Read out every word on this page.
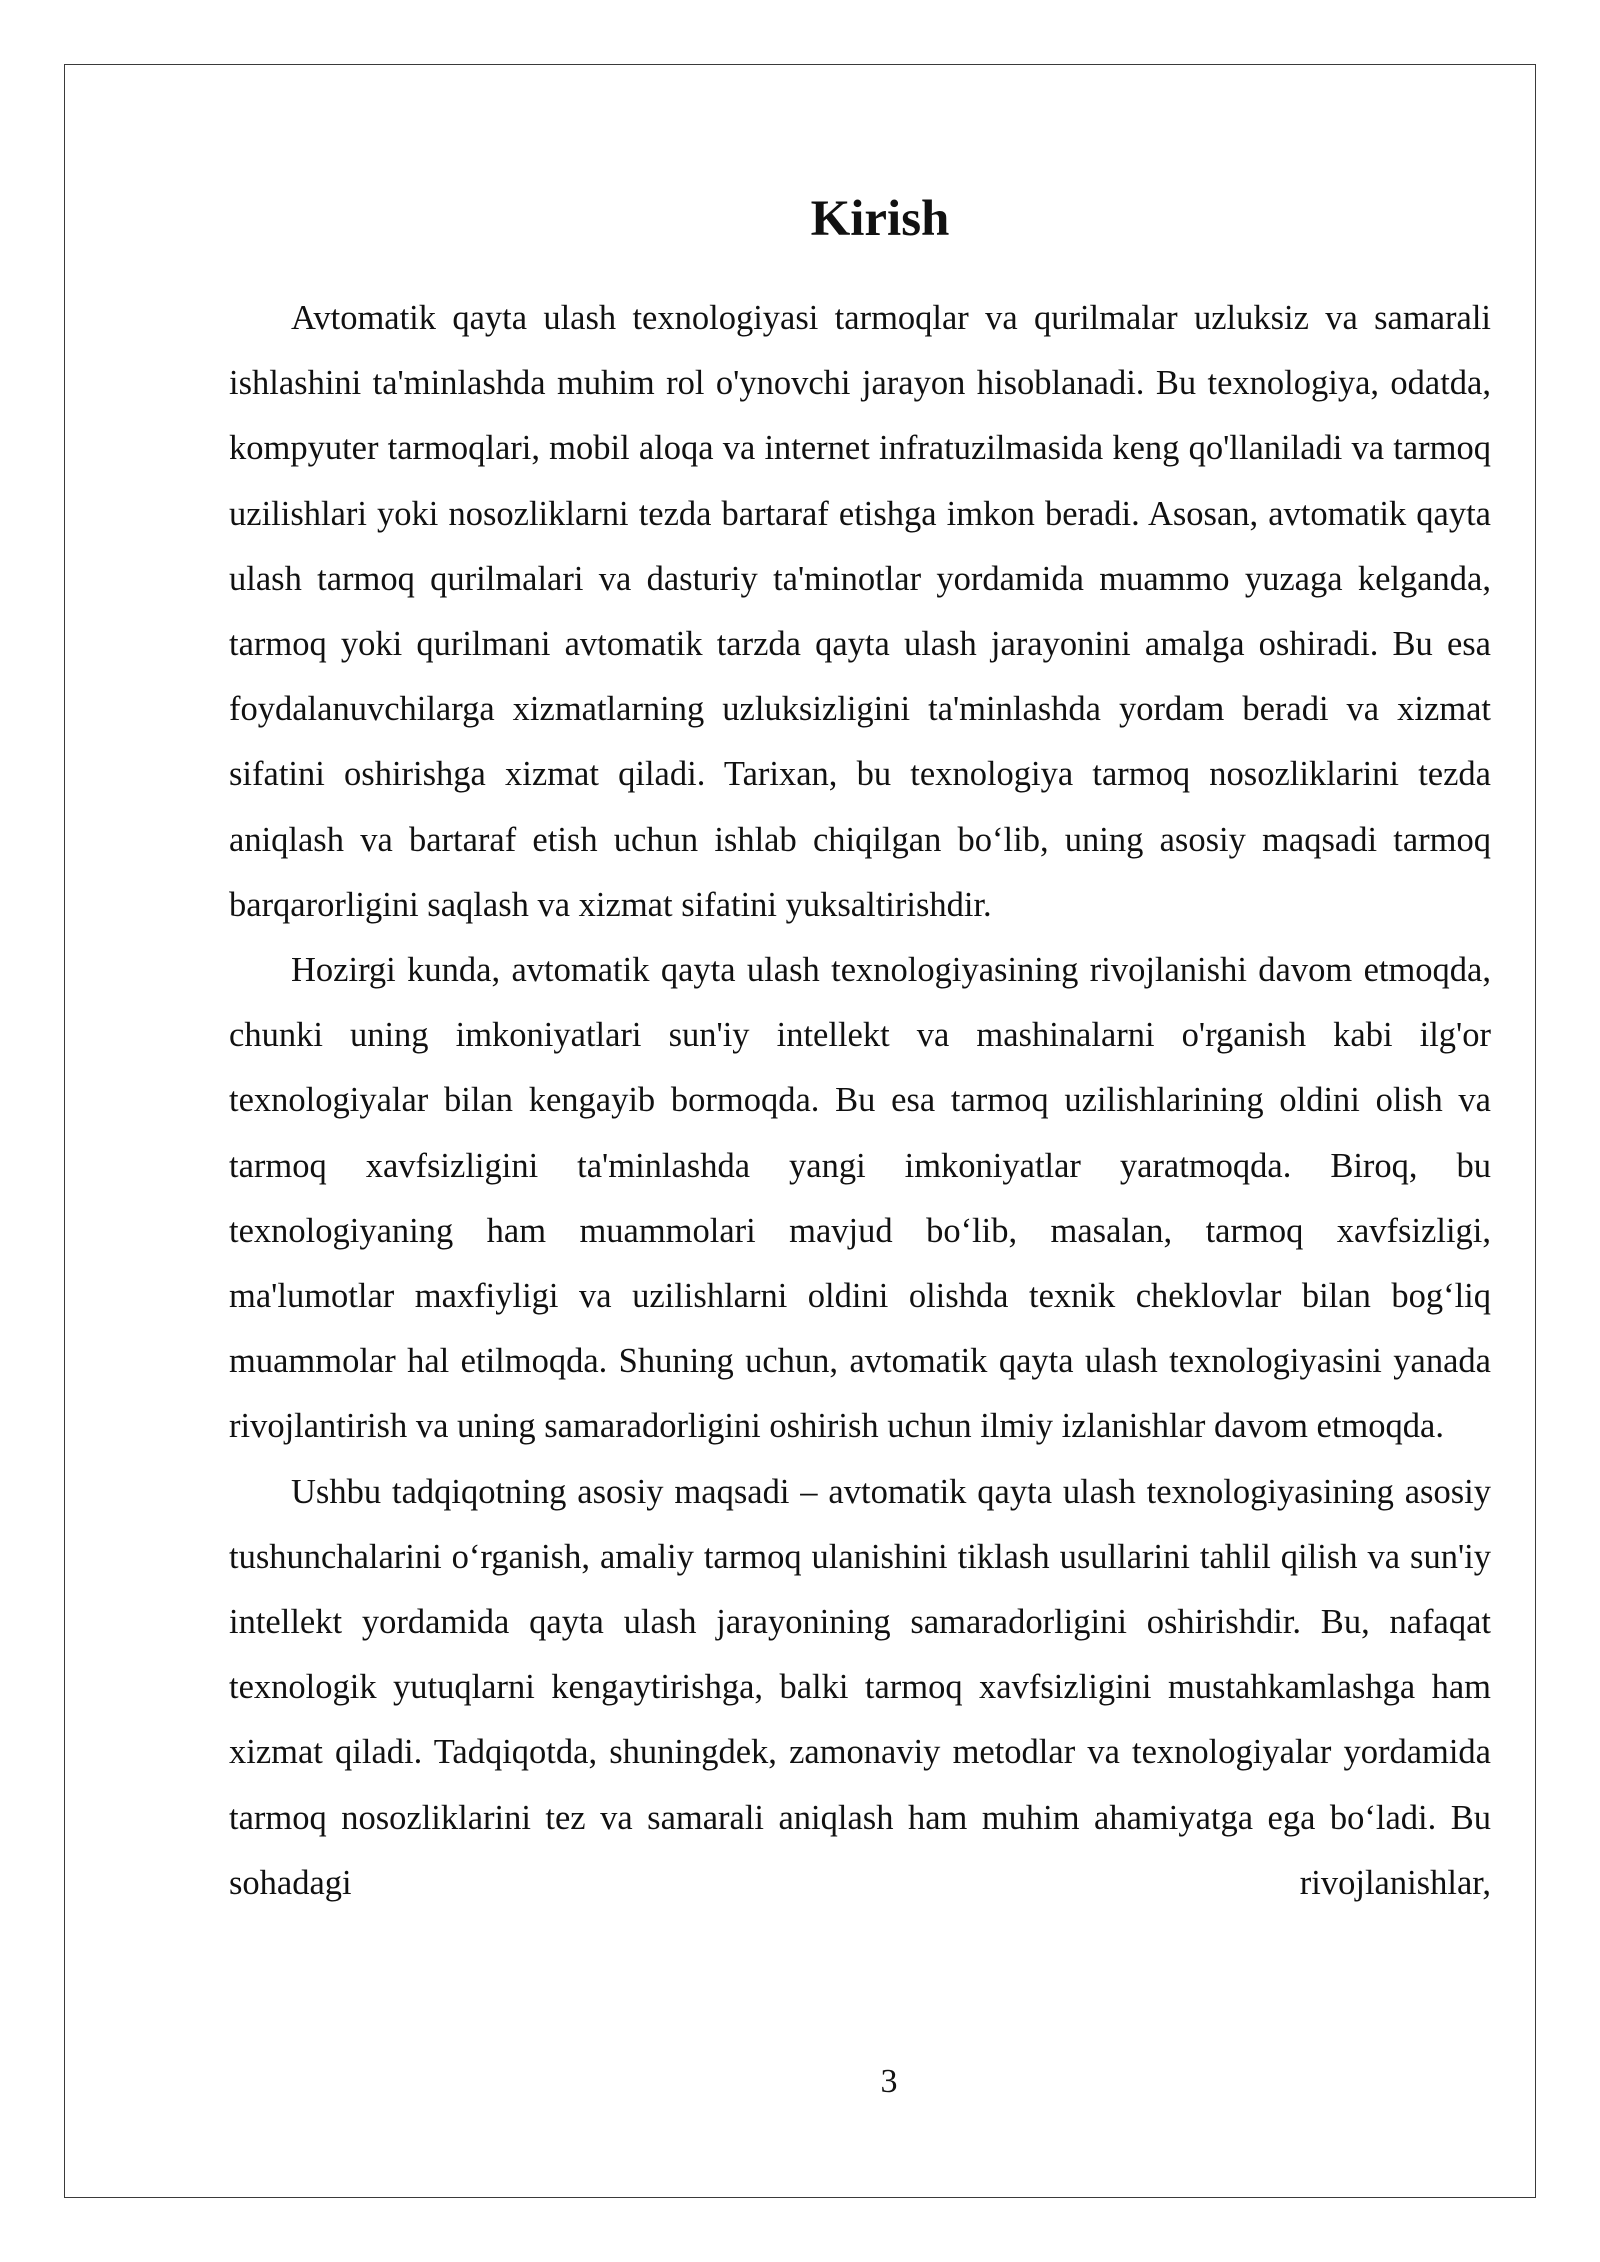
Kirish

Avtomatik qayta ulash texnologiyasi tarmoqlar va qurilmalar uzluksiz va samarali ishlashini ta'minlashda muhim rol o'ynovchi jarayon hisoblanadi. Bu texnologiya, odatda, kompyuter tarmoqlari, mobil aloqa va internet infratuzilmasida keng qo'llaniladi va tarmoq uzilishlari yoki nosozliklarni tezda bartaraf etishga imkon beradi. Asosan, avtomatik qayta ulash tarmoq qurilmalari va dasturiy ta'minotlar yordamida muammo yuzaga kelganda, tarmoq yoki qurilmani avtomatik tarzda qayta ulash jarayonini amalga oshiradi. Bu esa foydalanuvchilarga xizmatlarning uzluksizligini ta'minlashda yordam beradi va xizmat sifatini oshirishga xizmat qiladi. Tarixan, bu texnologiya tarmoq nosozliklarini tezda aniqlash va bartaraf etish uchun ishlab chiqilgan bo‘lib, uning asosiy maqsadi tarmoq barqarorligini saqlash va xizmat sifatini yuksaltirishdir.

Hozirgi kunda, avtomatik qayta ulash texnologiyasining rivojlanishi davom etmoqda, chunki uning imkoniyatlari sun'iy intellekt va mashinalarni o'rganish kabi ilg'or texnologiyalar bilan kengayib bormoqda. Bu esa tarmoq uzilishlarining oldini olish va tarmoq xavfsizligini ta'minlashda yangi imkoniyatlar yaratmoqda. Biroq, bu texnologiyaning ham muammolari mavjud bo‘lib, masalan, tarmoq xavfsizligi, ma'lumotlar maxfiyligi va uzilishlarni oldini olishda texnik cheklovlar bilan bog‘liq muammolar hal etilmoqda. Shuning uchun, avtomatik qayta ulash texnologiyasini yanada rivojlantirish va uning samaradorligini oshirish uchun ilmiy izlanishlar davom etmoqda.

Ushbu tadqiqotning asosiy maqsadi – avtomatik qayta ulash texnologiyasining asosiy tushunchalarini o‘rganish, amaliy tarmoq ulanishini tiklash usullarini tahlil qilish va sun'iy intellekt yordamida qayta ulash jarayonining samaradorligini oshirishdir. Bu, nafaqat texnologik yutuqlarni kengaytirishga, balki tarmoq xavfsizligini mustahkamlashga ham xizmat qiladi. Tadqiqotda, shuningdek, zamonaviy metodlar va texnologiyalar yordamida tarmoq nosozliklarini tez va samarali aniqlash ham muhim ahamiyatga ega bo‘ladi. Bu sohadagi rivojlanishlar,

3
